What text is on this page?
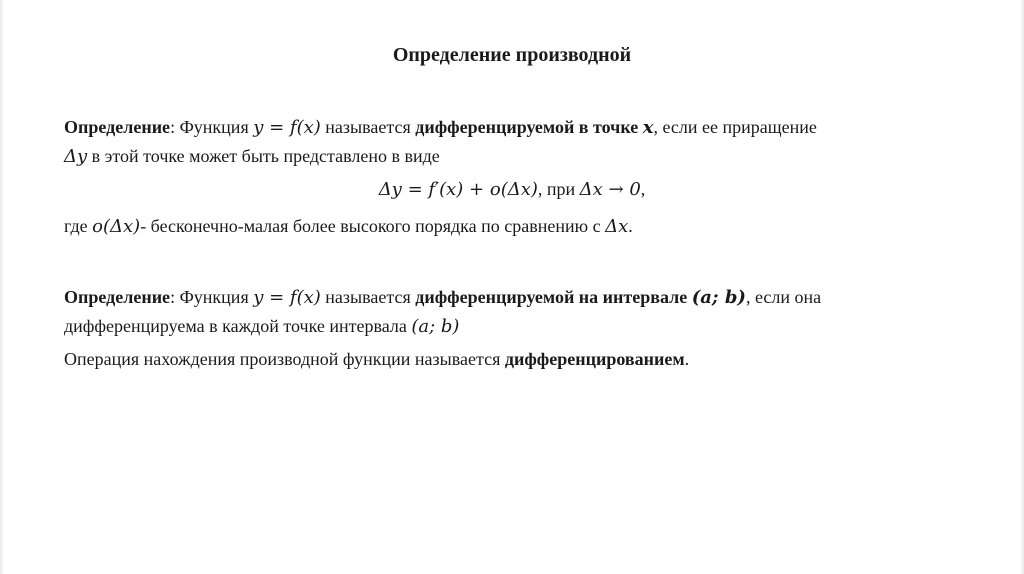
Определение производной
Определение: Функция y = f(x) называется дифференцируемой в точке x, если ее приращение
Δy в этой точке может быть представлено в виде
Δy = f′(x) + o(Δx), при Δx → 0,
где o(Δx)- бесконечно-малая более высокого порядка по сравнению с Δx.
Определение: Функция y = f(x) называется дифференцируемой на интервале (a; b), если она
дифференцируема в каждой точке интервала (a; b)
Операция нахождения производной функции называется дифференцированием.
